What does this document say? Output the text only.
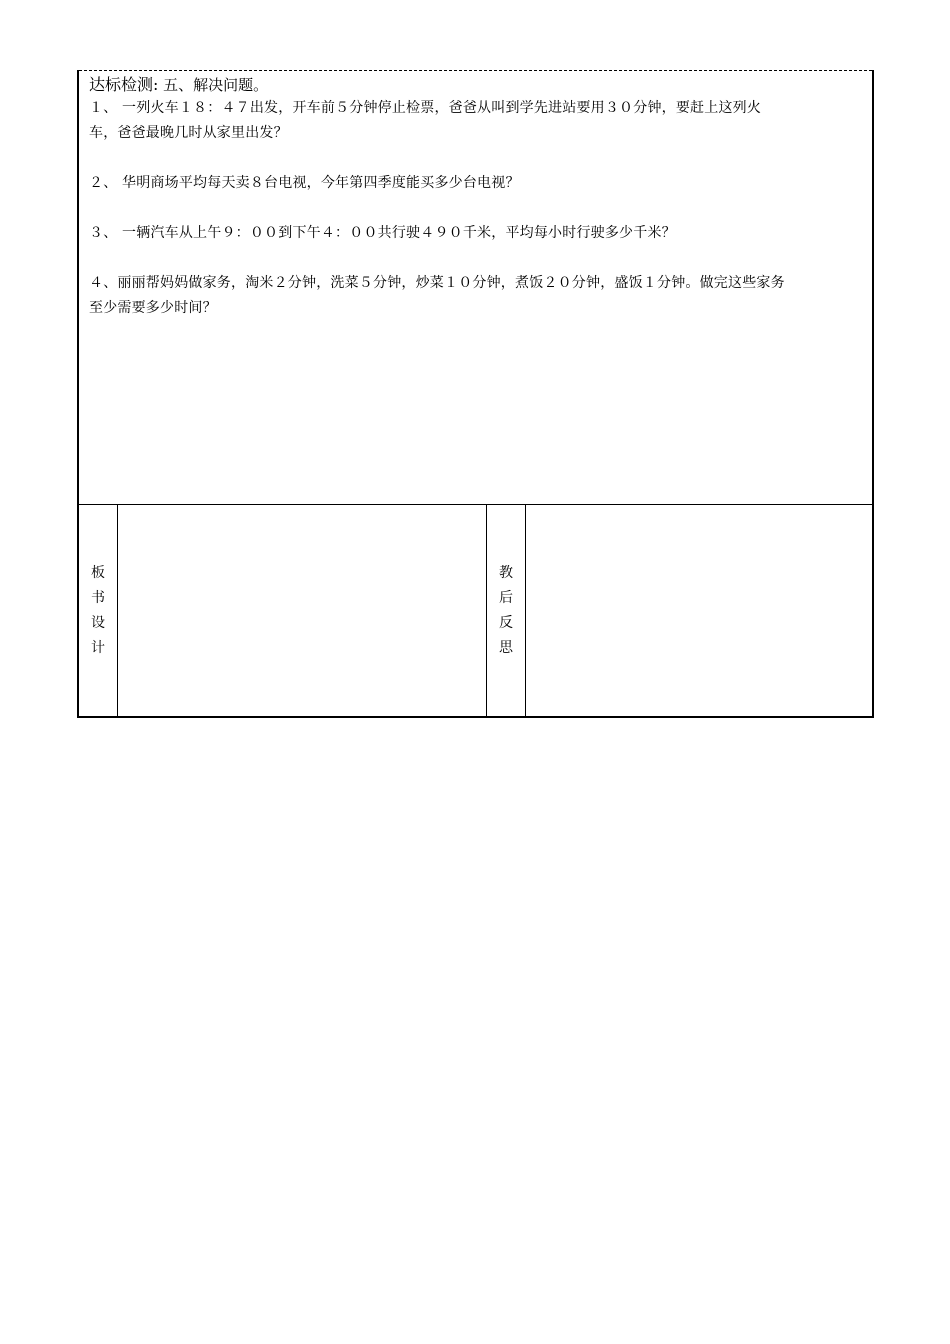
达标检测: 五、解决问题。

１、 一列火车１８：４７出发，开车前５分钟停止检票，爸爸从叫到学先进站要用３０分钟，要赶上这列火

车，爸爸最晚几时从家里出发？

２、 华明商场平均每天卖８台电视，今年第四季度能买多少台电视？

３、 一辆汽车从上午９：００到下午４：００共行驶４９０千米，平均每小时行驶多少千米？

４、丽丽帮妈妈做家务，淘米２分钟，洗菜５分钟，炒菜１０分钟，煮饭２０分钟，盛饭１分钟。做完这些家务

至少需要多少时间？

板书设计
教后反思
